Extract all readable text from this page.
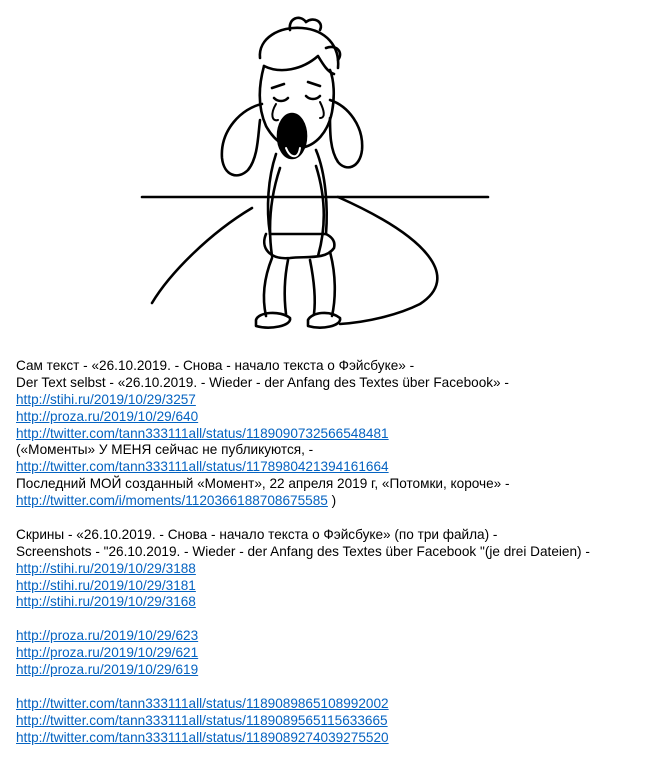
Сам текст - «26.10.2019. - Снова - начало текста о Фэйсбуке» -
Der Text selbst - «26.10.2019. - Wieder - der Anfang des Textes über Facebook» -
http://stihi.ru/2019/10/29/3257
http://proza.ru/2019/10/29/640
http://twitter.com/tann333111all/status/1189090732566548481
(«Моменты» У МЕНЯ сейчас не публикуются, -
http://twitter.com/tann333111all/status/1178980421394161664
Последний МОЙ созданный «Момент», 22 апреля 2019 г, «Потомки, короче» -
http://twitter.com/i/moments/1120366188708675585 )
Скрины - «26.10.2019. - Снова - начало текста о Фэйсбуке» (по три файла) -
Screenshots - "26.10.2019. - Wieder - der Anfang des Textes über Facebook "(je drei Dateien) -
http://stihi.ru/2019/10/29/3188
http://stihi.ru/2019/10/29/3181
http://stihi.ru/2019/10/29/3168
http://proza.ru/2019/10/29/623
http://proza.ru/2019/10/29/621
http://proza.ru/2019/10/29/619
http://twitter.com/tann333111all/status/1189089865108992002
http://twitter.com/tann333111all/status/1189089565115633665
http://twitter.com/tann333111all/status/1189089274039275520
